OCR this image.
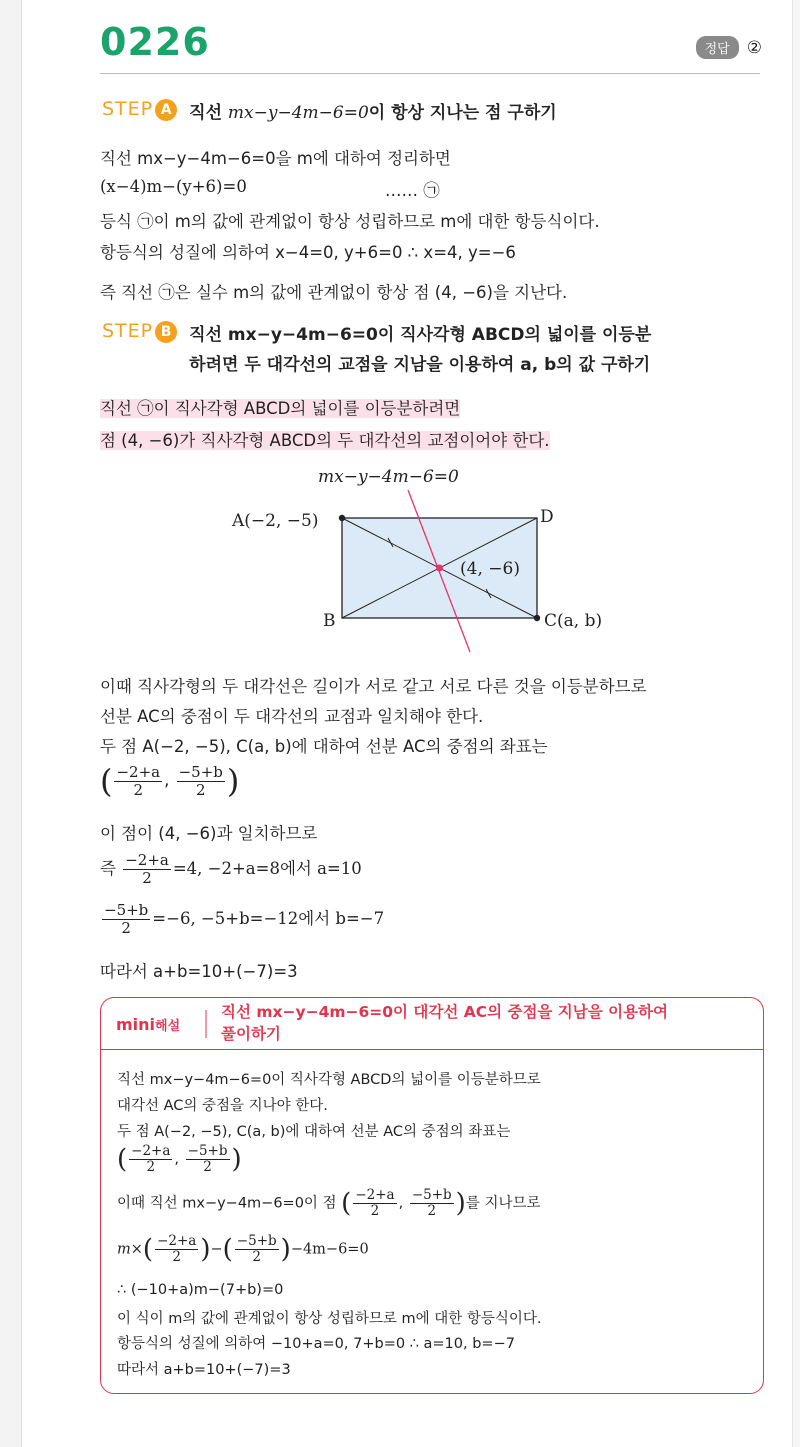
0226	정답	②
STEP A	직선 mx−y−4m−6=0이 항상 지나는 점 구하기
직선 mx−y−4m−6=0을 m에 대하여 정리하면
(x−4)m−(y+6)=0	…… ㉠
등식 ㉠이 m의 값에 관계없이 항상 성립하므로 m에 대한 항등식이다.
항등식의 성질에 의하여 x−4=0, y+6=0 ∴ x=4, y=−6
즉 직선 ㉠은 실수 m의 값에 관계없이 항상 점 (4, −6)을 지난다.
STEP B	직선 mx−y−4m−6=0이 직사각형 ABCD의 넓이를 이등분
하려면 두 대각선의 교점을 지남을 이용하여 a, b의 값 구하기
직선 ㉠이 직사각형 ABCD의 넓이를 이등분하려면
점 (4, −6)가 직사각형 ABCD의 두 대각선의 교점이어야 한다.
mx−y−4m−6=0
A(−2, −5)	D
B	C(a, b)
(4, −6)
이때 직사각형의 두 대각선은 길이가 서로 같고 서로 다른 것을 이등분하므로
선분 AC의 중점이 두 대각선의 교점과 일치해야 한다.
두 점 A(−2, −5), C(a, b)에 대하여 선분 AC의 중점의 좌표는
( $\frac{-2+a}{2}$ , $\frac{-5+b}{2}$ )
이 점이 (4, −6)과 일치하므로
즉 $\frac{-2+a}{2} =4$, −2+a=8에서 a=10
$\frac{-5+b}{2} =-6$, −5+b=−12에서 b=−7
따라서 a+b=10+(−7)=3
mini해설
직선 mx−y−4m−6=0이 대각선 AC의 중점을 지남을 이용하여
풀이하기
직선 mx−y−4m−6=0이 직사각형 ABCD의 넓이를 이등분하므로
대각선 AC의 중점을 지나야 한다.
두 점 A(−2, −5), C(a, b)에 대하여 선분 AC의 중점의 좌표는
( $\frac{-2+a}{2}$ , $\frac{-5+b}{2}$ )
이때 직선 mx−y−4m−6=0이 점 ( $\frac{-2+a}{2}$ , $\frac{-5+b}{2}$ )를 지나므로
$m\times( \frac{-2+a}{2}$ )−( $\frac{-5+b}{2} )-4m-6=0$
∴ (−10+a)m−(7+b)=0
이 식이 m의 값에 관계없이 항상 성립하므로 m에 대한 항등식이다.
항등식의 성질에 의하여 −10+a=0, 7+b=0 ∴ a=10, b=−7
따라서 a+b=10+(−7)=3
